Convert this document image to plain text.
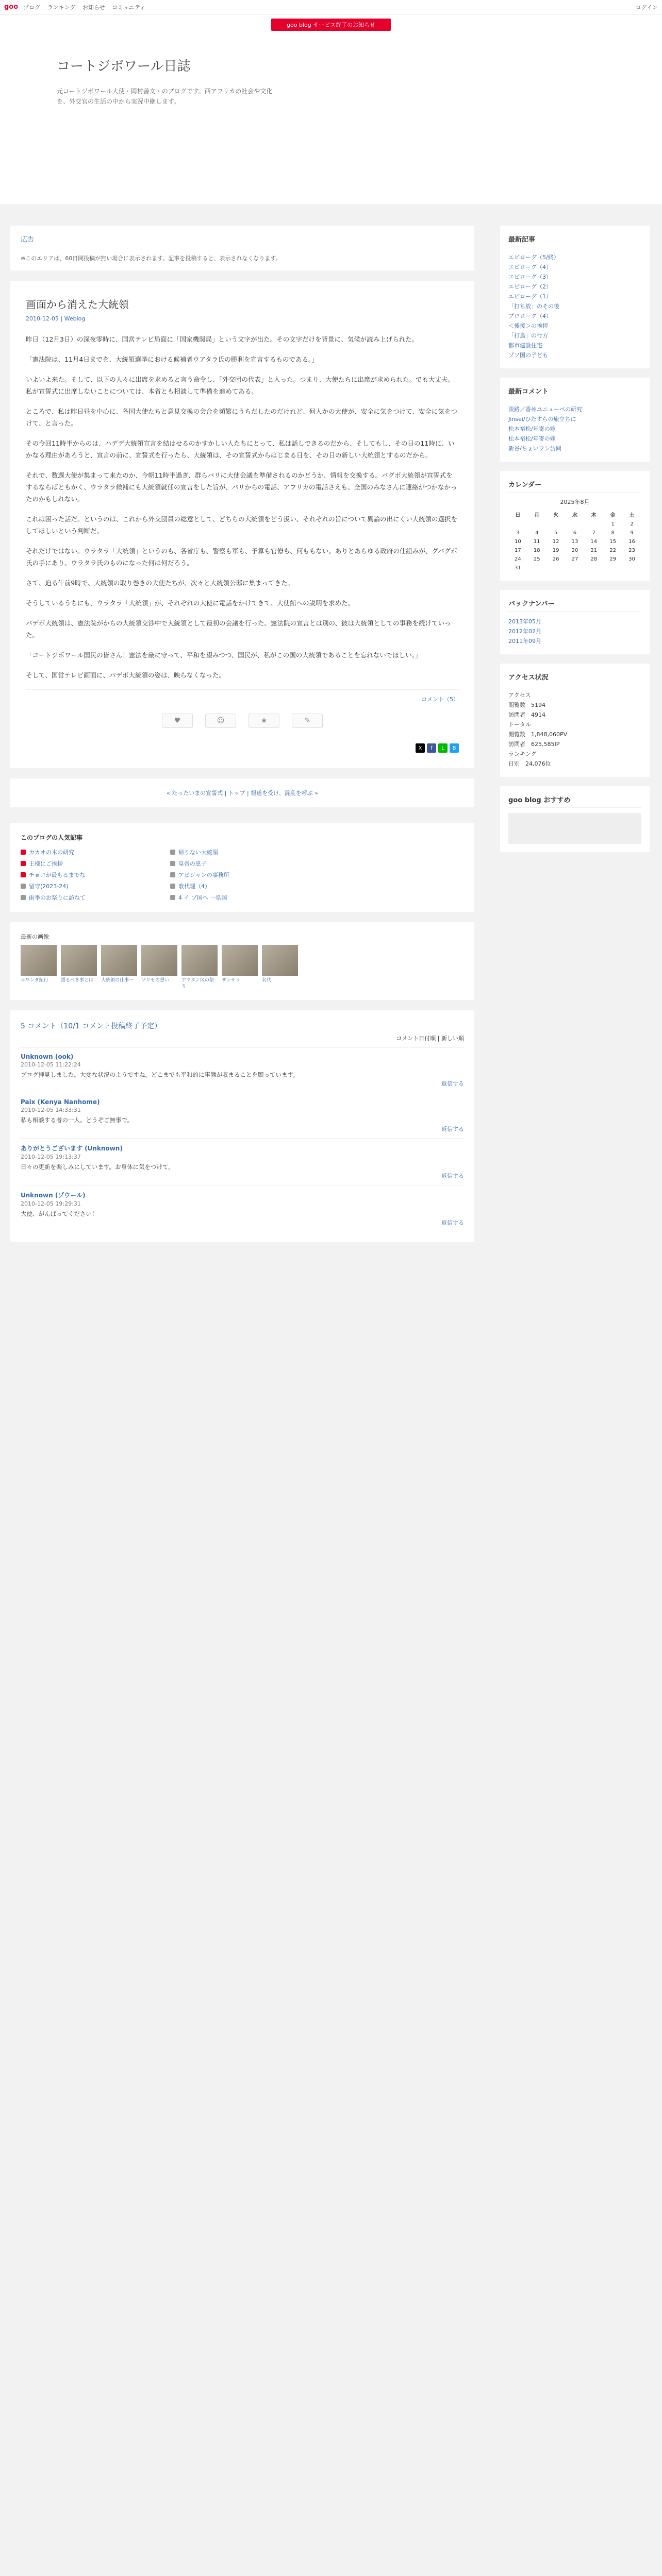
goo ブログ ランキング お知らせ コミュニティ	ログイン
goo blog サービス終了のお知らせ
コートジボワール日誌
元コートジボワール大使・岡村善文・のブログです。西アフリカの社会や文化を、外交官の生活の中から実況中継します。
広告
※このエリアは、60日間投稿が無い場合に表示されます。記事を投稿すると、表示されなくなります。
画面から消えた大統領
2010-12-05 | Weblog

昨日（12月3日）の深夜零時に、国営テレビ局面に「国家機関局」という文字が出た。その文字だけを背景に、気候が読み上げられた。

「憲法院は、11月4日までを、大統領選挙における候補者ウアタラ氏の勝利を宣言するものである。」

いよいよ来た。そして、以下の人々に出席を求めると言う命令し、「外交団の代表」と入った。つまり、大使たちに出席が求められた。でも大丈夫。私が宣誓式に出席しないことについては、本省とも相談して準備を進めてある。

ところで、私は昨日昼を中心に、各国大使たちと意見交換の会合を頻繁にうちだしたのだけれど、何人かの大使が、安全に気をつけて、安全に気をつけて、と言った。

その今回11時半からのは、ハデデ大統領宣言を結はせるのかすかしい人たちにとって、私は話しできるのだから、そしてもし、その日の11時に、いかなる理由があろうと、宣言の前に、宣誓式を行ったら、大統領は、その宣誓式からはじまる日を、その日の新しい大統領とするのだから。

それで、数週大使が集まって来たのか、今朝11時半過ぎ、群らパリに大使会議を準備されるのかどうか、情報を交換する。バグボ大統領が宣誓式をするならばともかく、ウラタラ候補にも大統領就任の宣言をした旨が、パリからの電話、アフリカの電話さえも、全国のみなさんに連絡がつかなかったのかもしれない。

これは困った話だ。というのは、これから外交団員の総意として、どちらの大統領をどう扱い、それぞれの旨について異論の出にくい大統領の選択をしてほしいという判断だ。

それだけではない。ウラタラ「大統領」というのも、各省庁も、警察も軍も、予算も官僚も、何ももない。ありとあらゆる政府の仕組みが、グバグボ氏の手にあり、ウラタラ氏のものになった何は何だろう。

さて、迫る午前9時で、大統領の取り巻きの大使たちが、次々と大統領公邸に集まってきた。

そうしているうちにも、ウラタラ「大統領」が、それぞれの大使に電話をかけてきて、大使館への説明を求めた。

バデボ大統領は、憲法院がからの大統領交渉中で大統領として最初の会議を行った。憲法院の宣言とは別の、彼は大統領としての事務を続けていった。

「コートジボワール国民の皆さん！憲法を厳に守って、平和を望みつつ、国民が、私がこの国の大統領であることを忘れないでほしい。」

そして、国営テレビ画面に、パデボ大統領の姿は、映らなくなった。

コメント（5）
♥	☺	★	✎
X	f	L	B
« たったいまの宣誓式 | トップ | 報道を受け、混乱を呼ぶ »
このブログの人気記事
カカオの木の研究	帰りない大統領
王様にご挨拶	皇帝の息子
チョコが最もるまでな	アビジャンの事務所
留守(2023-24)	歌代理（4）
雨季のお祭りに訪ねて	4 イ ゾ国へ 一県国
最新の画像
ルワンダ紀行	語るべき事とは	大統領の仕事ー	ソリセの想い	アマタン区の祭り
ザンザラ	名代
5 コメント（10/1 コメント投稿終了予定）
コメント日付順 | 新しい順
Unknown (ook)
2010-12-05 11:22:24
ブログ拝見しました。大変な状況のようですね。どこまでも平和的に事態が収まることを願っています。
返信する
Paix (Kenya Nanhome)
2010-12-05 14:33:31
私も相談する者の一人。どうぞご無事で。
返信する
ありがとうございます (Unknown)
2010-12-05 19:13:37
日々の更新を楽しみにしています。お身体に気をつけて。
返信する
Unknown (ゾウール)
2010-12-05 19:29:31
大使、がんばってください！
返信する
最新記事
エピローグ（5/終）
エピローグ（4）
エピローグ（3）
エピローグ（2）
エピローグ（1）
「打ち放」のその後
プロローグ（4）
＜後援＞の挨拶
「打鳥」の行方
都市建設住宅
ゾソ国の子ども
最新コメント
淡路／香州ユニューベの研究
Jinsei/ひたすらの旅立ちに
松本裕松/年寄の嫁
松本裕松/年寄の嫁
新谷/ちょいワシ訪問
カレンダー
2025年8月
日	月	火	水	木	金	土
					1	2
3	4	5	6	7	8	9
10	11	12	13	14	15	16
17	18	19	20	21	22	23
24	25	26	27	28	29	30
31						
バックナンバー
2013年05月
2012年02月
2011年09月
アクセス状況
アクセス
閲覧数　5194
訪問者　4914
トータル
閲覧数　1,848,060PV
訪問者　625,585IP
ランキング
日別　24,076位
goo blog おすすめ
